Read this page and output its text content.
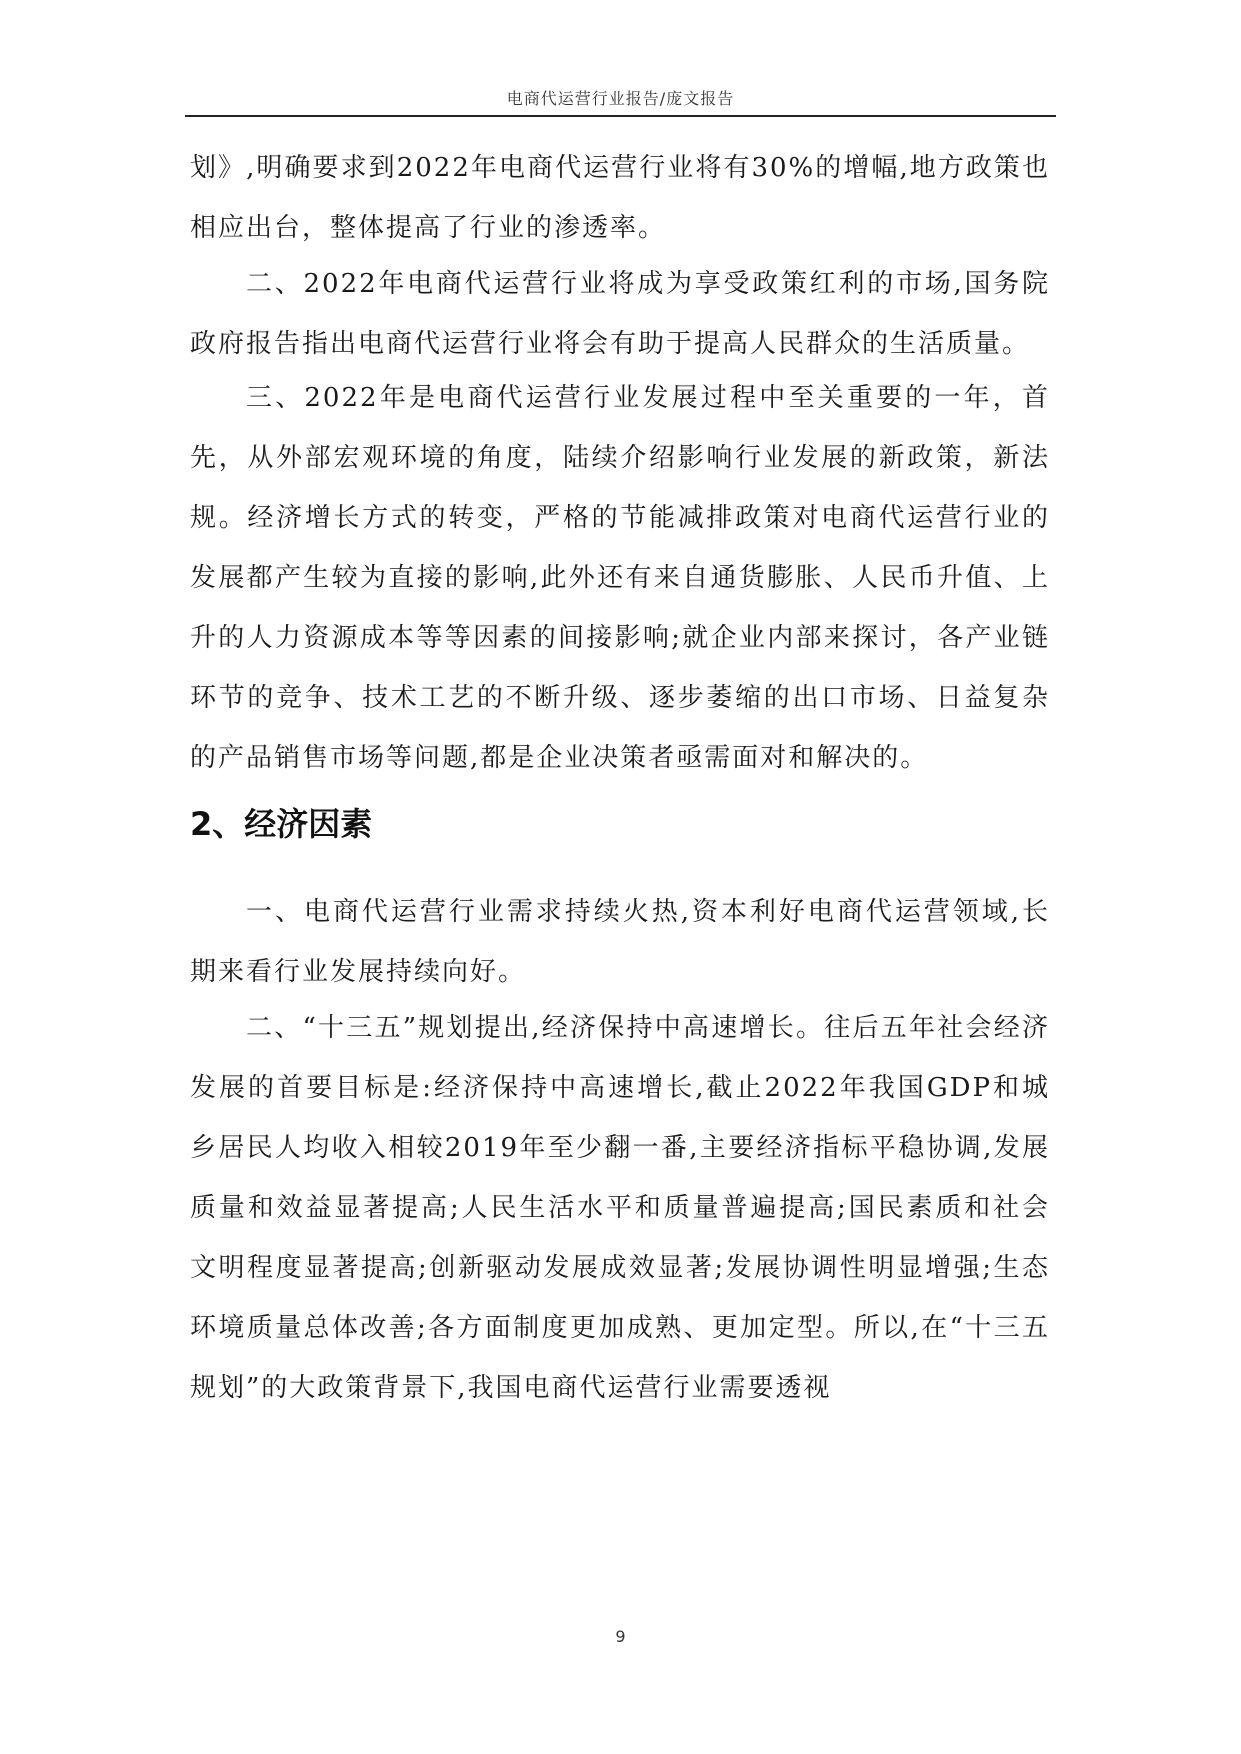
电商代运营行业报告/庞文报告

划》,明确要求到2022年电商代运营行业将有30%的增幅,地方政策也相应出台，整体提高了行业的渗透率。

二、2022年电商代运营行业将成为享受政策红利的市场,国务院政府报告指出电商代运营行业将会有助于提高人民群众的生活质量。

三、2022年是电商代运营行业发展过程中至关重要的一年，首先，从外部宏观环境的角度，陆续介绍影响行业发展的新政策，新法规。经济增长方式的转变，严格的节能减排政策对电商代运营行业的发展都产生较为直接的影响,此外还有来自通货膨胀、人民币升值、上升的人力资源成本等等因素的间接影响;就企业内部来探讨，各产业链环节的竞争、技术工艺的不断升级、逐步萎缩的出口市场、日益复杂的产品销售市场等问题,都是企业决策者亟需面对和解决的。

2、经济因素

一、电商代运营行业需求持续火热,资本利好电商代运营领域,长期来看行业发展持续向好。

二、“十三五”规划提出,经济保持中高速增长。往后五年社会经济发展的首要目标是:经济保持中高速增长,截止2022年我国GDP和城乡居民人均收入相较2019年至少翻一番,主要经济指标平稳协调,发展质量和效益显著提高;人民生活水平和质量普遍提高;国民素质和社会文明程度显著提高;创新驱动发展成效显著;发展协调性明显增强;生态环境质量总体改善;各方面制度更加成熟、更加定型。所以,在“十三五规划”的大政策背景下,我国电商代运营行业需要透视

9
